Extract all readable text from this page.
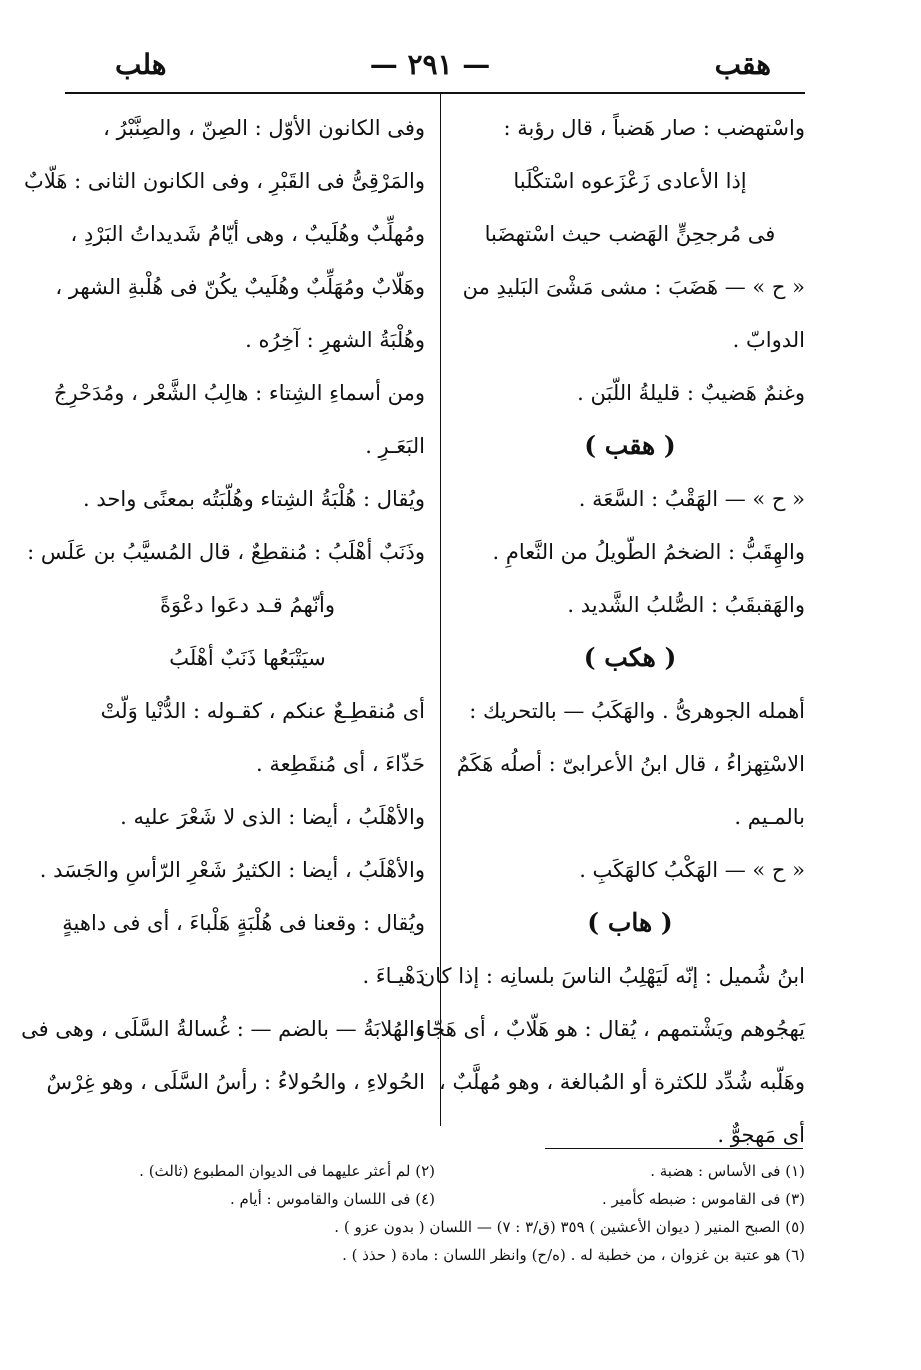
هقب
— ٢٩١ —
هلب
واسْتهضب : صار هَضباً ، قال رؤبة :
إذا الأعادى زَعْزَعوه اسْتكْلَبا
فى مُرجحِنٍّ الهَضب حيث اسْتهضَبا
« ح » — هَضَبَ : مشى مَشْىَ البَليدِ من
الدوابّ .
وغنمٌ هَضيبٌ : قليلةُ اللّبَن .
( هقب )
« ح » — الهَقْبُ : السَّعَة .
والهِقَبُّ : الضخمُ الطّويلُ من النَّعامِ .
والهَقبقَبُ : الصُّلبُ الشَّديد .
( هكب )
أهمله الجوهرىُّ . والهَكَبُ — بالتحريك :
الاسْتِهزاءُ ، قال ابنُ الأعرابىّ : أصلُه هَكَمٌ
بالمـيم .
« ح » — الهَكْبُ كالهَكَبِ .
( هاب )
ابنُ شُميل : إنّه لَيَهْلِبُ الناسَ بلسانِه : إذا كان
يَهجُوهم ويَشْتمهم ، يُقال : هو هَلّابٌ ، أى هَجّاء ،
وهَلّبه شُدِّد للكثرة أو المُبالغة ، وهو مُهلَّبٌ ،
أى مَهجوٌّ .
وفى الكانون الأوّل : الصِنّ ، والصِنَّبْرُ ،
والمَرْقِىُّ فى القَبْرِ ، وفى الكانون الثانى : هَلّابٌ
ومُهلِّبٌ وهُلَيبٌ ، وهى أيّامُ شَديداتُ البَرْدِ ،
وهَلّابٌ ومُهَلِّبٌ وهُلَيبٌ يكُنّ فى هُلْبةِ الشهر ،
وهُلْبَةُ الشهرِ : آخِرُه .
ومن أسماءِ الشِتاء : هالِبُ الشَّعْر ، ومُدَحْرِجُ
البَعَـرِ .
ويُقال : هُلْبَةُ الشِتاء وهُلّبَتُه بمعنًى واحد .
وذَنَبٌ أهْلَبُ : مُنقطِعٌ ، قال المُسيَّبُ بن عَلَس :
وأنّهمُ قـد دعَوا دعْوَةً
سيَتْبَعُها ذَنَبٌ أهْلَبُ
أى مُنقطِـعٌ عنكم ، كقـوله : الدُّنْيا وَلّتْ
حَذّاءَ ، أى مُنقَطِعة .
والأهْلَبُ ، أيضا : الذى لا شَعْرَ عليه .
والأهْلَبُ ، أيضا : الكثيرُ شَعْرِ الرّأسِ والجَسَد .
ويُقال : وقعنا فى هُلْبَةٍ هَلْباءَ ، أى فى داهيةٍ
دَهْيـاءَ .
والهُلابَةُ — بالضم — : غُسالةُ السَّلَى ، وهى فى
الحُولاءِ ، والحُولاءُ : رأسُ السَّلَى ، وهو غِرْسٌ
(١) فى الأساس : هضبة .
(٢) لم أعثر عليهما فى الديوان المطبوع (ثالث) .
(٣) فى القاموس : ضبطه كأمير .
(٤) فى اللسان والقاموس : أيام .
(٥) الصبح المنير ( ديوان الأعشين ) ٣٥٩ (ق/٣ : ٧) — اللسان ( بدون عزو ) .
(٦) هو عتبة بن غزوان ، من خطبة له . (ه/ح) وانظر اللسان : مادة ( حذذ ) .
